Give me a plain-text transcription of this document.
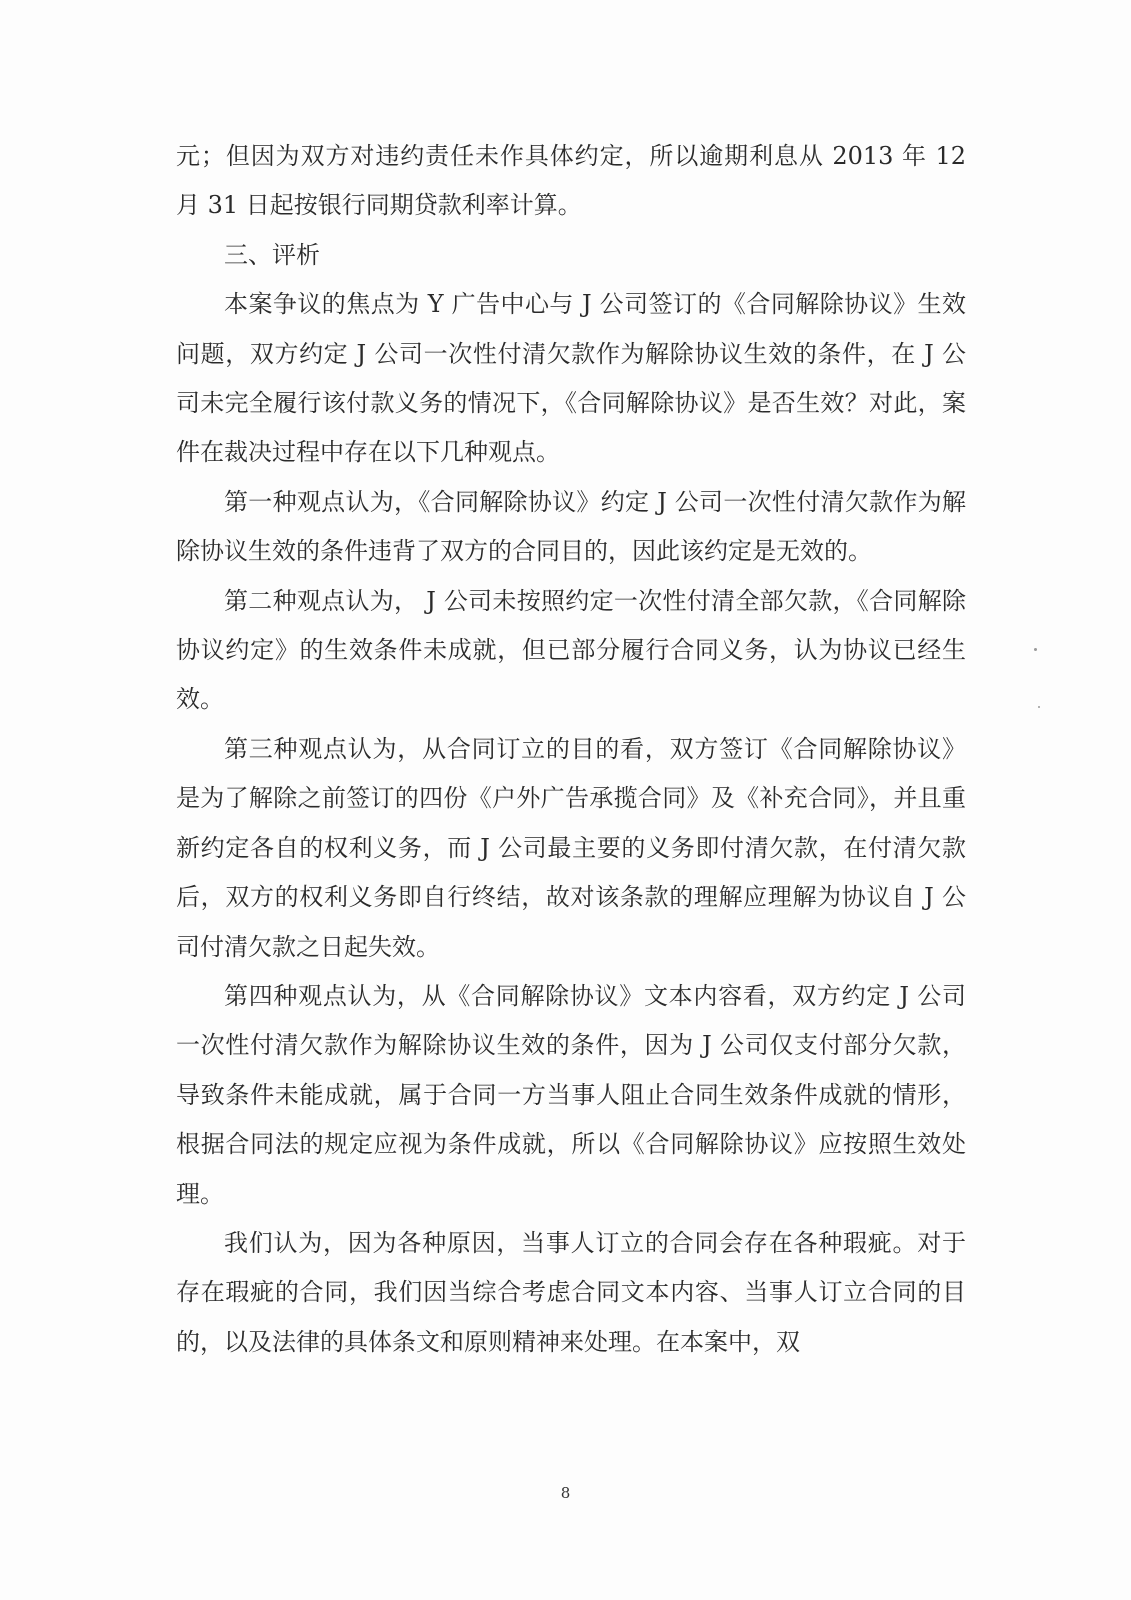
元；但因为双方对违约责任未作具体约定，所以逾期利息从 2013 年 12 月 31 日起按银行同期贷款利率计算。

三、评析

本案争议的焦点为 Y 广告中心与 J 公司签订的《合同解除协议》生效问题，双方约定 J 公司一次性付清欠款作为解除协议生效的条件，在 J 公司未完全履行该付款义务的情况下，《合同解除协议》是否生效？对此，案件在裁决过程中存在以下几种观点。

第一种观点认为，《合同解除协议》约定 J 公司一次性付清欠款作为解除协议生效的条件违背了双方的合同目的，因此该约定是无效的。

第二种观点认为， J 公司未按照约定一次性付清全部欠款，《合同解除协议约定》的生效条件未成就，但已部分履行合同义务，认为协议已经生效。

第三种观点认为，从合同订立的目的看，双方签订《合同解除协议》是为了解除之前签订的四份《户外广告承揽合同》及《补充合同》，并且重新约定各自的权利义务，而 J 公司最主要的义务即付清欠款，在付清欠款后，双方的权利义务即自行终结，故对该条款的理解应理解为协议自 J 公司付清欠款之日起失效。

第四种观点认为，从《合同解除协议》文本内容看，双方约定 J 公司一次性付清欠款作为解除协议生效的条件，因为 J 公司仅支付部分欠款，导致条件未能成就，属于合同一方当事人阻止合同生效条件成就的情形，根据合同法的规定应视为条件成就，所以《合同解除协议》应按照生效处理。

我们认为，因为各种原因，当事人订立的合同会存在各种瑕疵。对于存在瑕疵的合同，我们因当综合考虑合同文本内容、当事人订立合同的目的，以及法律的具体条文和原则精神来处理。在本案中，双

8
